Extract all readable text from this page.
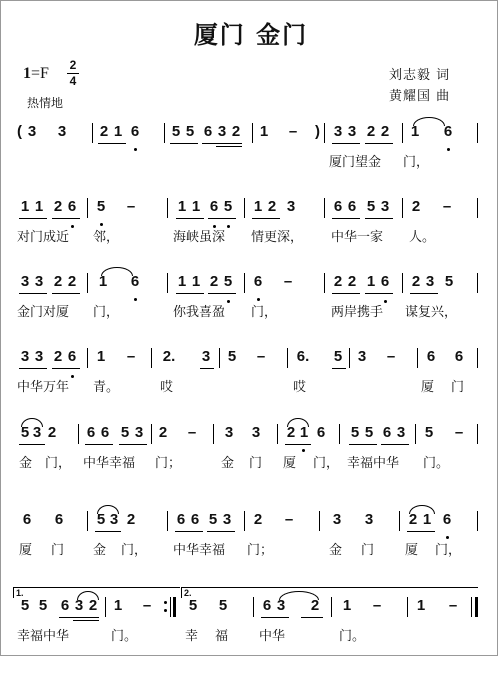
厦门 金门
1=F 2
4
热情地
刘志毅 词
黄耀国 曲
( 3 3 2 1 6 5 5 6 3 2 1 – ) 3 3 2 2 1 6
厦门望金 门，
1 1 2 6 5 –	1 1 6 5 1 2 3	6 6 5 3 2 –
对门成近 邻，	海峡虽深 情更深， 中华一家 人。
3 3 2 2 1 6	1 1 2 5 6 –	2 2 1 6 2 3 5
金门对厦 门，	你我喜盈 门，	两岸携手 谋复兴，
3 3 2 6 1 – 2. 3 5 – 6. 5 3 – 6 6
中华万年 青。	哎	哎	厦 门
5 3 2 6 6 5 3 2 – 3 3 2 1 6 5 5 6 3 5 –
金 门， 中华幸福 门；	金 门 厦 门， 幸福中华 门。
6 6 5 3 2	6 6 5 3 2 –	3 3 2 1 6
厦 门 金 门， 中华幸福 门；	金 门 厦 门，
1.	2.
5 5 6 3 2 1 –	5 5 6 3 2 1 – 1 –
幸福中华	门。	幸 福 中华	门。
